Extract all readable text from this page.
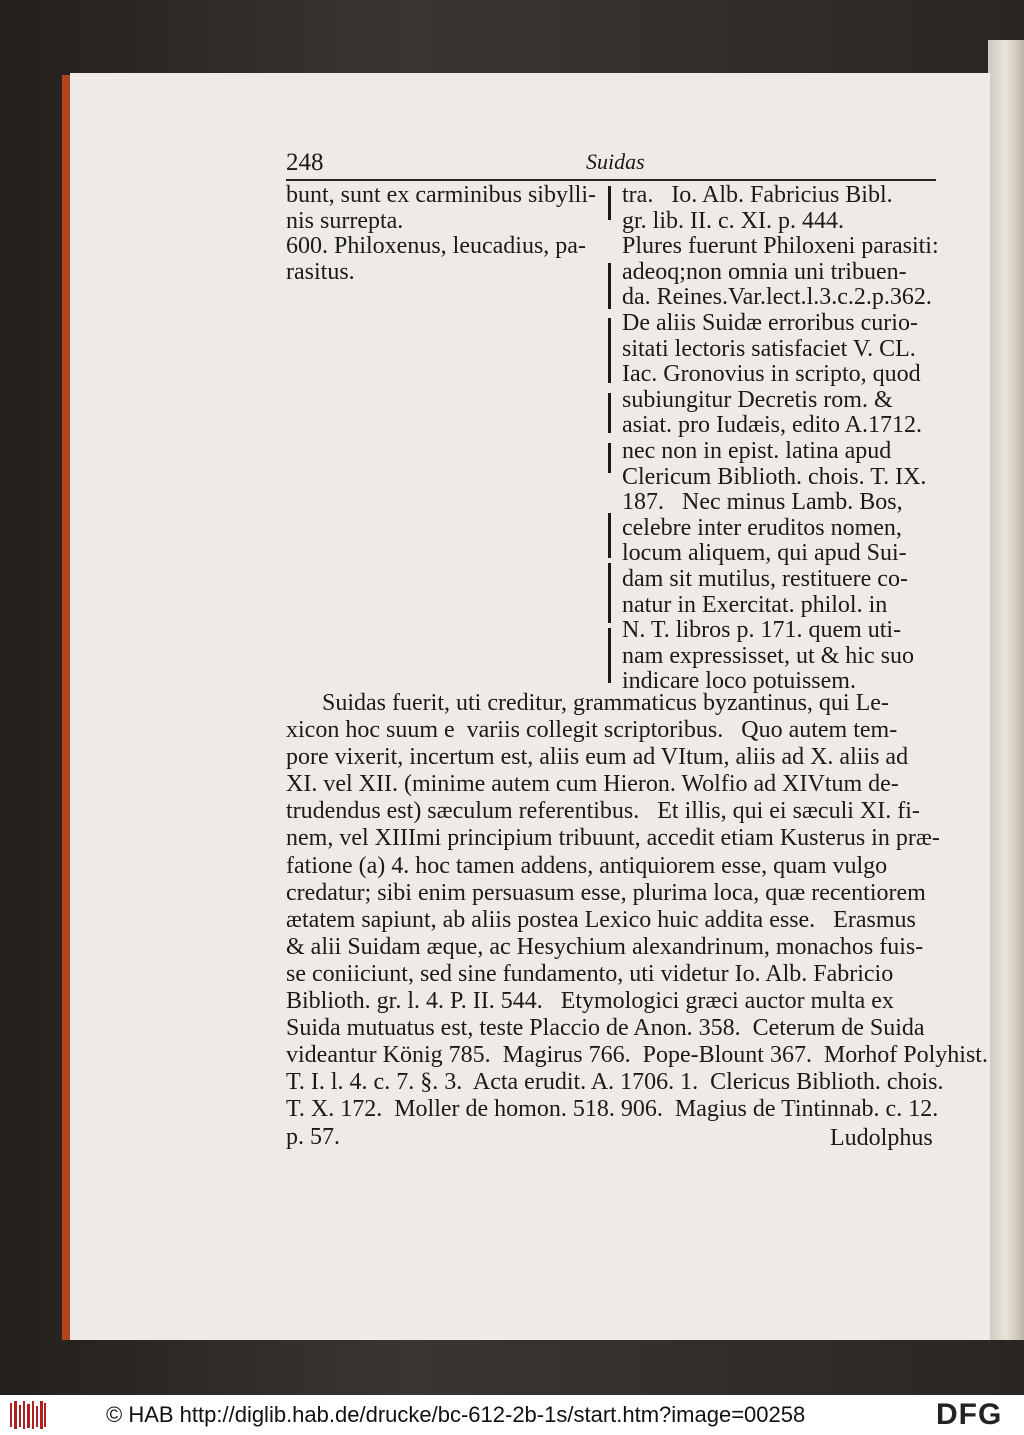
248	Suidas
bunt, sunt ex carminibus sibylli-
nis surrepta.
600. Philoxenus, leucadius, pa-
rasitus.
tra.   Io. Alb. Fabricius Bibl.
gr. lib. II. c. XI. p. 444.
Plures fuerunt Philoxeni parasiti:
adeoq;non omnia uni tribuen-
da. Reines.Var.lect.l.3.c.2.p.362.
De aliis Suidæ erroribus curio-
sitati lectoris satisfaciet V. CL.
Iac. Gronovius in scripto, quod
subiungitur Decretis rom. &
asiat. pro Iudæis, edito A.1712.
nec non in epist. latina apud
Clericum Biblioth. chois. T. IX.
187.   Nec minus Lamb. Bos,
celebre inter eruditos nomen,
locum aliquem, qui apud Sui-
dam sit mutilus, restituere co-
natur in Exercitat. philol. in
N. T. libros p. 171. quem uti-
nam expressisset, ut & hic suo
indicare loco potuissem.
Suidas fuerit, uti creditur, grammaticus byzantinus, qui Le-
xicon hoc suum e  variis collegit scriptoribus.   Quo autem tem-
pore vixerit, incertum est, aliis eum ad VItum, aliis ad X. aliis ad
XI. vel XII. (minime autem cum Hieron. Wolfio ad XIVtum de-
trudendus est) sæculum referentibus.   Et illis, qui ei sæculi XI. fi-
nem, vel XIIImi principium tribuunt, accedit etiam Kusterus in præ-
fatione (a) 4. hoc tamen addens, antiquiorem esse, quam vulgo
credatur; sibi enim persuasum esse, plurima loca, quæ recentiorem
ætatem sapiunt, ab aliis postea Lexico huic addita esse.   Erasmus
& alii Suidam æque, ac Hesychium alexandrinum, monachos fuis-
se coniiciunt, sed sine fundamento, uti videtur Io. Alb. Fabricio
Biblioth. gr. l. 4. P. II. 544.   Etymologici græci auctor multa ex
Suida mutuatus est, teste Placcio de Anon. 358.  Ceterum de Suida
videantur König 785.  Magirus 766.  Pope-Blount 367.  Morhof Polyhist.
T. I. l. 4. c. 7. §. 3.  Acta erudit. A. 1706. 1.  Clericus Biblioth. chois.
T. X. 172.  Moller de homon. 518. 906.  Magius de Tintinnab. c. 12.
p. 57.	Ludolphus
© HAB http://diglib.hab.de/drucke/bc-612-2b-1s/start.htm?image=00258	DFG
